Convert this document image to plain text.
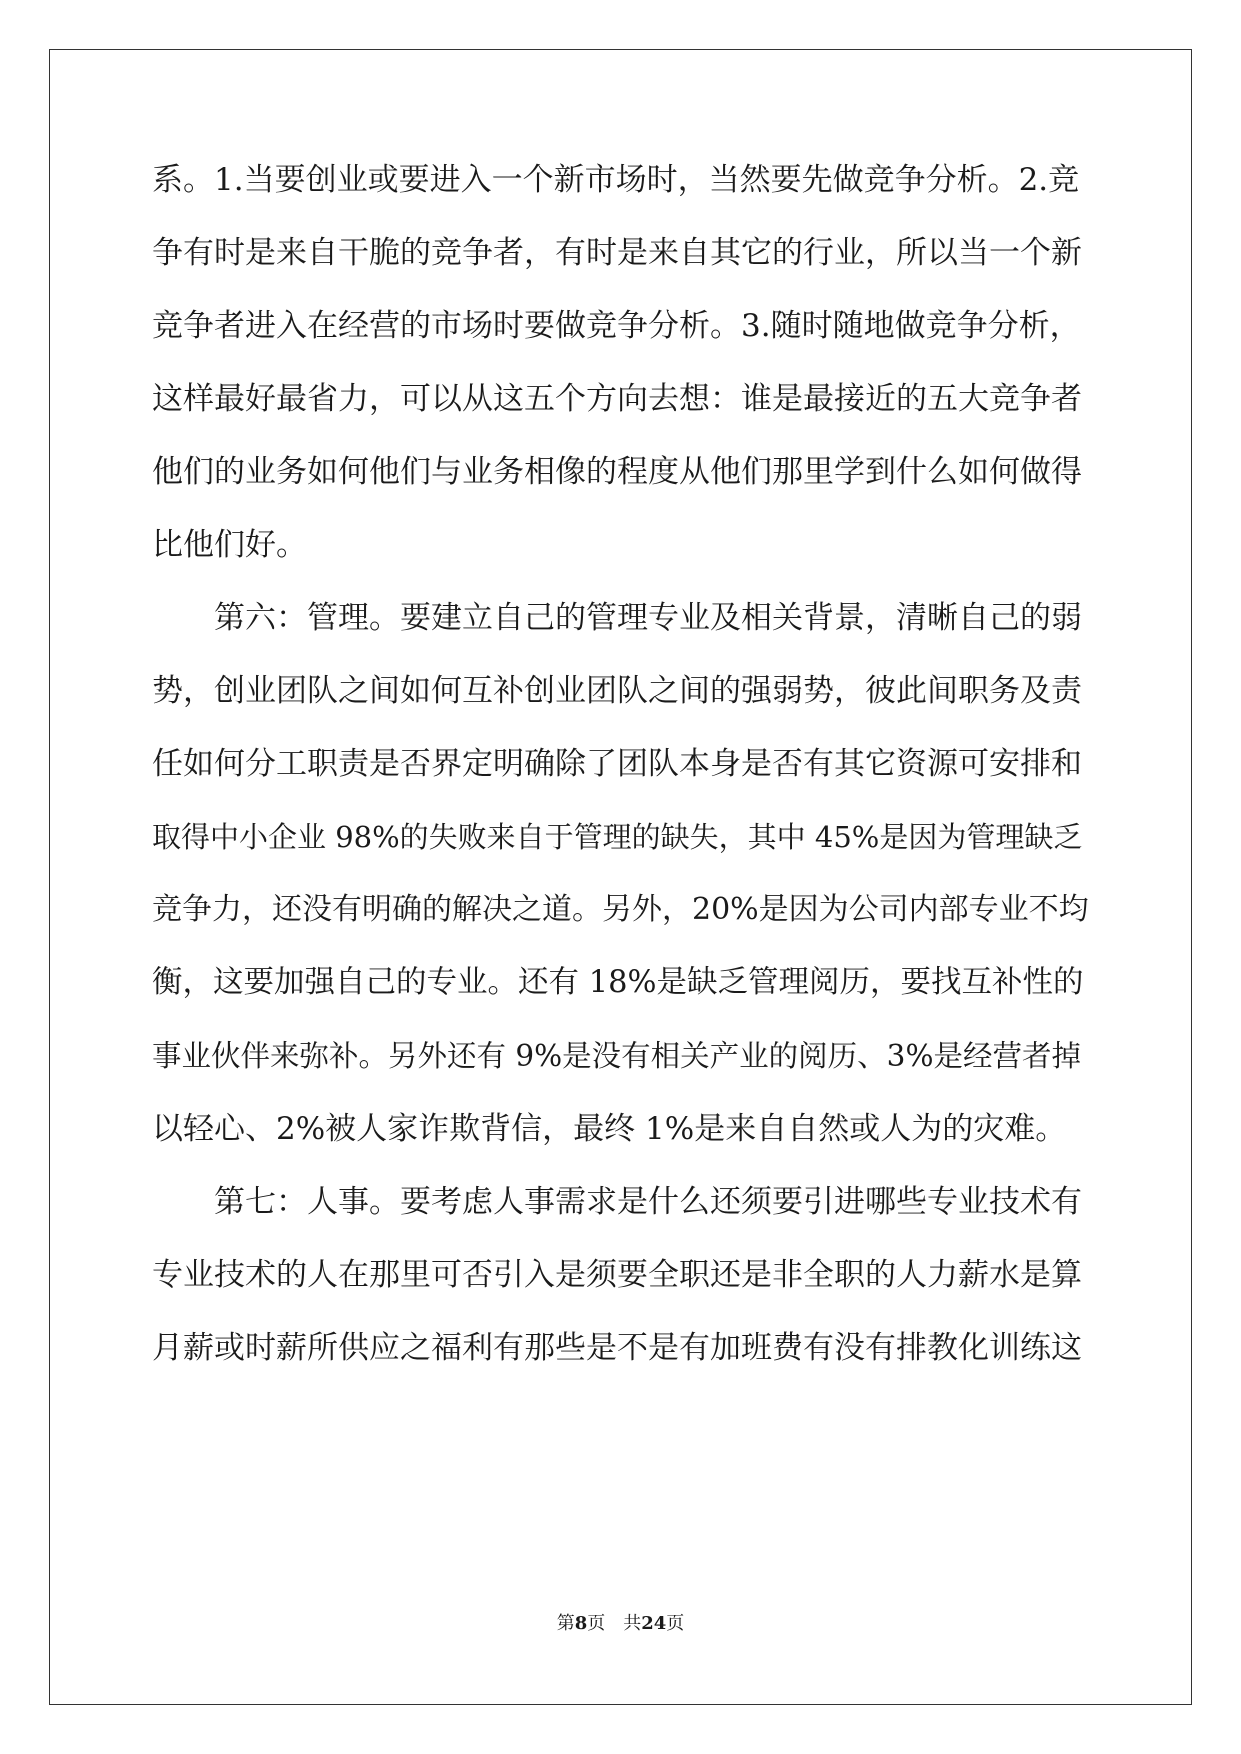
系。1.当要创业或要进入一个新市场时，当然要先做竞争分析。2.竞
争有时是来自干脆的竞争者，有时是来自其它的行业，所以当一个新
竞争者进入在经营的市场时要做竞争分析。3.随时随地做竞争分析，
这样最好最省力，可以从这五个方向去想：谁是最接近的五大竞争者
他们的业务如何他们与业务相像的程度从他们那里学到什么如何做得
比他们好。
第六：管理。要建立自己的管理专业及相关背景，清晰自己的弱
势，创业团队之间如何互补创业团队之间的强弱势，彼此间职务及责
任如何分工职责是否界定明确除了团队本身是否有其它资源可安排和
取得中小企业 98%的失败来自于管理的缺失，其中 45%是因为管理缺乏
竞争力，还没有明确的解决之道。另外，20%是因为公司内部专业不均
衡，这要加强自己的专业。还有 18%是缺乏管理阅历，要找互补性的
事业伙伴来弥补。另外还有 9%是没有相关产业的阅历、3%是经营者掉
以轻心、2%被人家诈欺背信，最终 1%是来自自然或人为的灾难。
第七：人事。要考虑人事需求是什么还须要引进哪些专业技术有
专业技术的人在那里可否引入是须要全职还是非全职的人力薪水是算
月薪或时薪所供应之福利有那些是不是有加班费有没有排教化训练这
第8页　共24页
